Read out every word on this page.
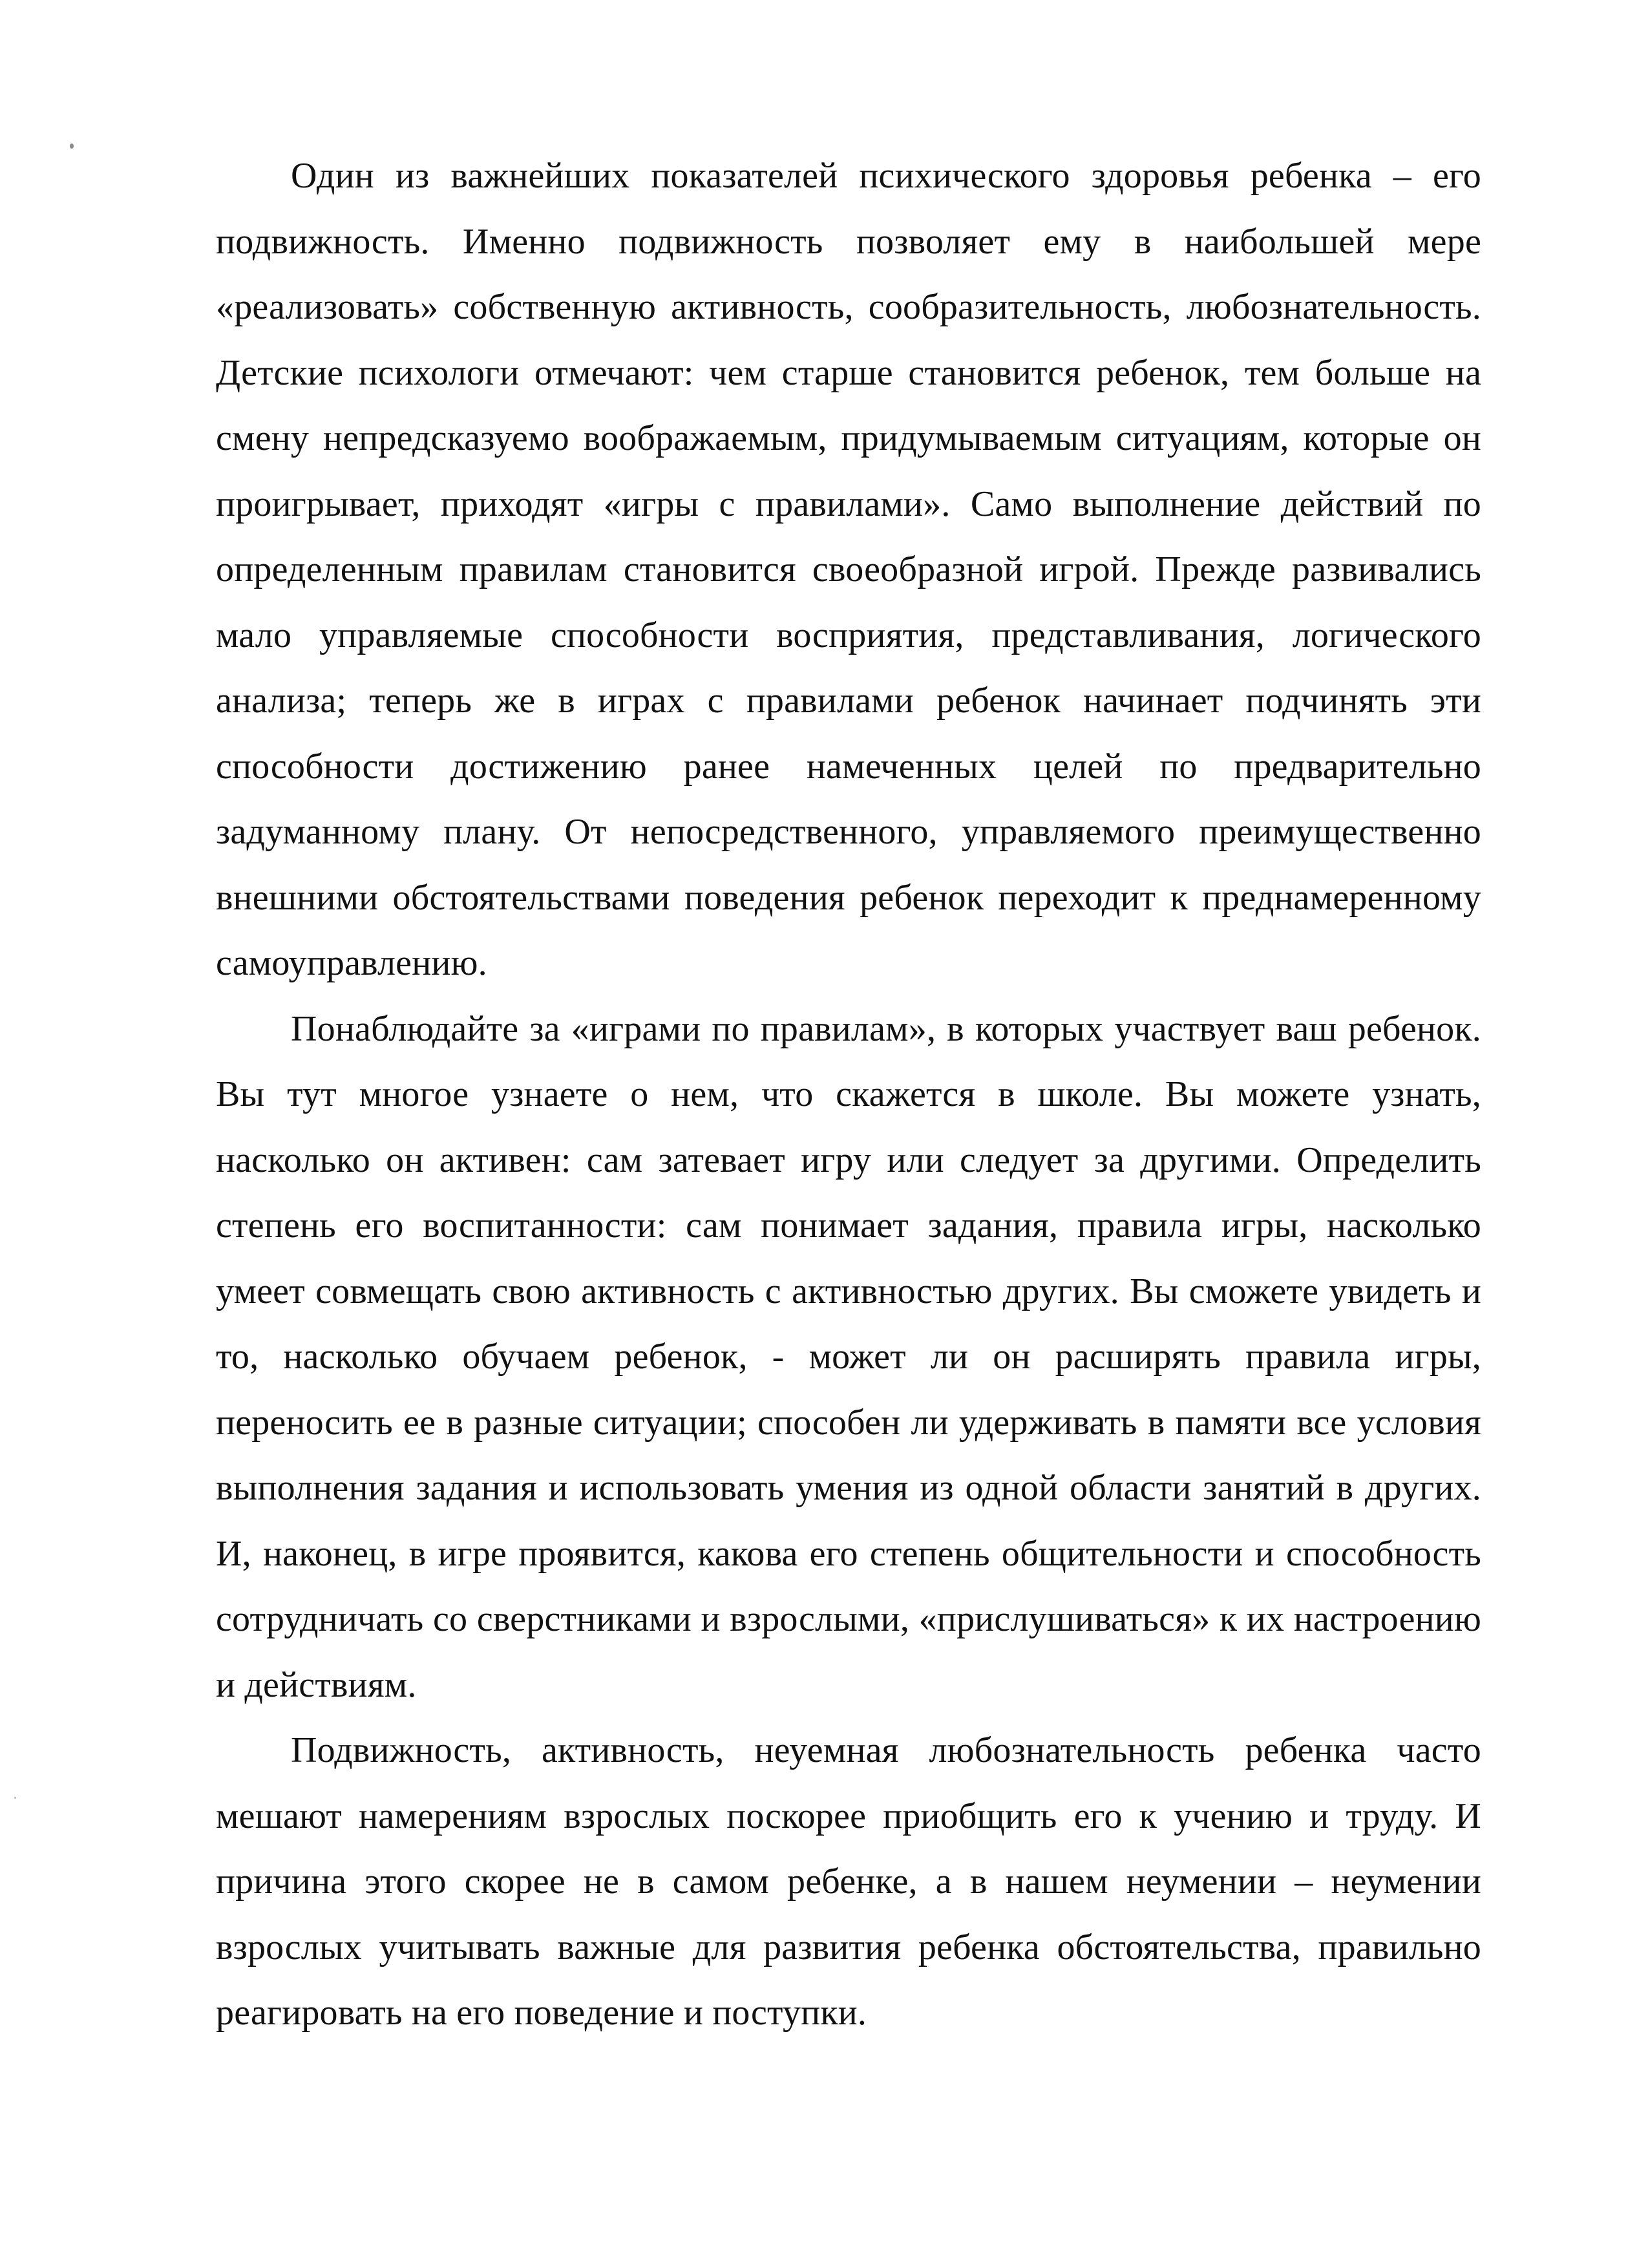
Один из важнейших показателей психического здоровья ребенка – его подвижность. Именно подвижность позволяет ему в наибольшей мере «реализовать» собственную активность, сообразительность, любознательность. Детские психологи отмечают: чем старше становится ребенок, тем больше на смену непредсказуемо воображаемым, придумываемым ситуациям, которые он проигрывает, приходят «игры с правилами». Само выполнение действий по определенным правилам становится своеобразной игрой. Прежде развивались мало управляемые способности восприятия, представливания, логического анализа; теперь же в играх с правилами ребенок начинает подчинять эти способности достижению ранее намеченных целей по предварительно задуманному плану. От непосредственного, управляемого преимущественно внешними обстоятельствами поведения ребенок переходит к преднамеренному самоуправлению.

Понаблюдайте за «играми по правилам», в которых участвует ваш ребенок. Вы тут многое узнаете о нем, что скажется в школе. Вы можете узнать, насколько он активен: сам затевает игру или следует за другими. Определить степень его воспитанности: сам понимает задания, правила игры, насколько умеет совмещать свою активность с активностью других. Вы сможете увидеть и то, насколько обучаем ребенок, - может ли он расширять правила игры, переносить ее в разные ситуации; способен ли удерживать в памяти все условия выполнения задания и использовать умения из одной области занятий в других. И, наконец, в игре проявится, какова его степень общительности и способность сотрудничать со сверстниками и взрослыми, «прислушиваться» к их настроению и действиям.

Подвижность, активность, неуемная любознательность ребенка часто мешают намерениям взрослых поскорее приобщить его к учению и труду. И причина этого скорее не в самом ребенке, а в нашем неумении – неумении взрослых учитывать важные для развития ребенка обстоятельства, правильно реагировать на его поведение и поступки.
